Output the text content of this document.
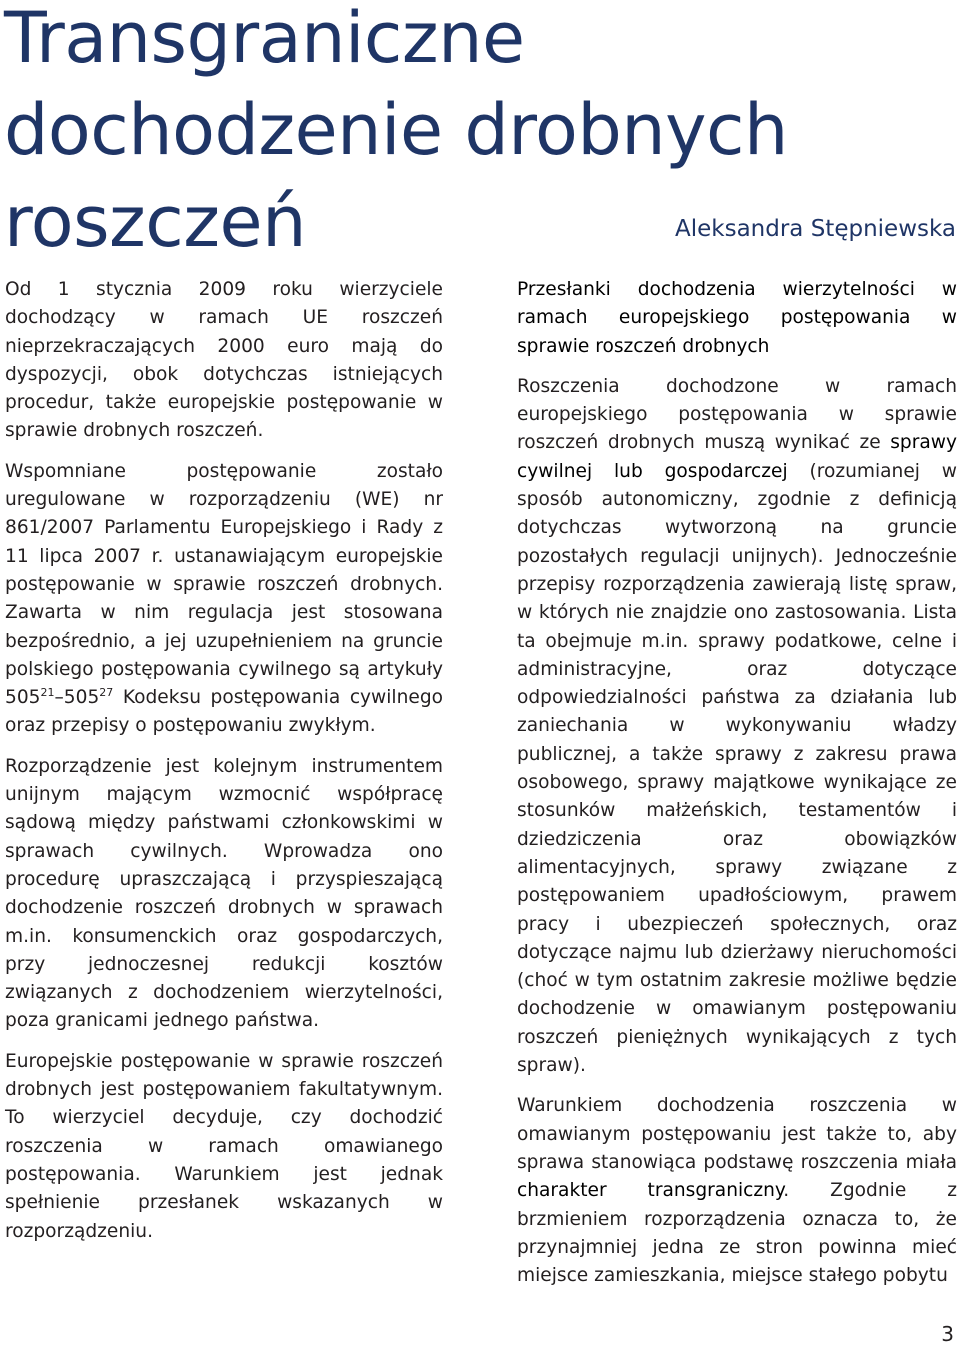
Transgraniczne dochodzenie drobnych roszczeń	Aleksandra Stępniewska

Od 1 stycznia 2009 roku wierzyciele dochodzący w ramach UE roszczeń nieprzekraczających 2000 euro mają do dyspozycji, obok dotychczas istniejących procedur, także europejskie postępowanie w sprawie drobnych roszczeń.

Wspomniane postępowanie zostało uregulowane w rozporządzeniu (WE) nr 861/2007 Parlamentu Europejskiego i Rady z 11 lipca 2007 r. ustanawiającym europejskie postępowanie w sprawie roszczeń drobnych. Zawarta w nim regulacja jest stosowana bezpośrednio, a jej uzupełnieniem na gruncie polskiego postępowania cywilnego są artykuły $505^{21}-505^{27}$ Kodeksu postępowania cywilnego oraz przepisy o postępowaniu zwykłym.

Rozporządzenie jest kolejnym instrumentem unijnym mającym wzmocnić współpracę sądową między państwami członkowskimi w sprawach cywilnych. Wprowadza ono procedurę upraszczającą i przyspieszającą dochodzenie roszczeń drobnych w sprawach m.in. konsumenckich oraz gospodarczych, przy jednoczesnej redukcji kosztów związanych z dochodzeniem wierzytelności, poza granicami jednego państwa.

Europejskie postępowanie w sprawie roszczeń drobnych jest postępowaniem fakultatywnym. To wierzyciel decyduje, czy dochodzić roszczenia w ramach omawianego postępowania. Warunkiem jest jednak spełnienie przesłanek wskazanych w rozporządzeniu.

Przesłanki dochodzenia wierzytelności w ramach europejskiego postępowania w sprawie roszczeń drobnych

Roszczenia dochodzone w ramach europejskiego postępowania w sprawie roszczeń drobnych muszą wynikać ze sprawy cywilnej lub gospodarczej (rozumianej w sposób autonomiczny, zgodnie z definicją dotychczas wytworzoną na gruncie pozostałych regulacji unijnych). Jednocześnie przepisy rozporządzenia zawierają listę spraw, w których nie znajdzie ono zastosowania. Lista ta obejmuje m.in. sprawy podatkowe, celne i administracyjne, oraz dotyczące odpowiedzialności państwa za działania lub zaniechania w wykonywaniu władzy publicznej, a także sprawy z zakresu prawa osobowego, sprawy majątkowe wynikające ze stosunków małżeńskich, testamentów i dziedziczenia oraz obowiązków alimentacyjnych, sprawy związane z postępowaniem upadłościowym, prawem pracy i ubezpieczeń społecznych, oraz dotyczące najmu lub dzierżawy nieruchomości (choć w tym ostatnim zakresie możliwe będzie dochodzenie w omawianym postępowaniu roszczeń pieniężnych wynikających z tych spraw).

Warunkiem dochodzenia roszczenia w omawianym postępowaniu jest także to, aby sprawa stanowiąca podstawę roszczenia miała charakter transgraniczny. Zgodnie z brzmieniem rozporządzenia oznacza to, że przynajmniej jedna ze stron powinna mieć miejsce zamieszkania, miejsce stałego pobytu

3
